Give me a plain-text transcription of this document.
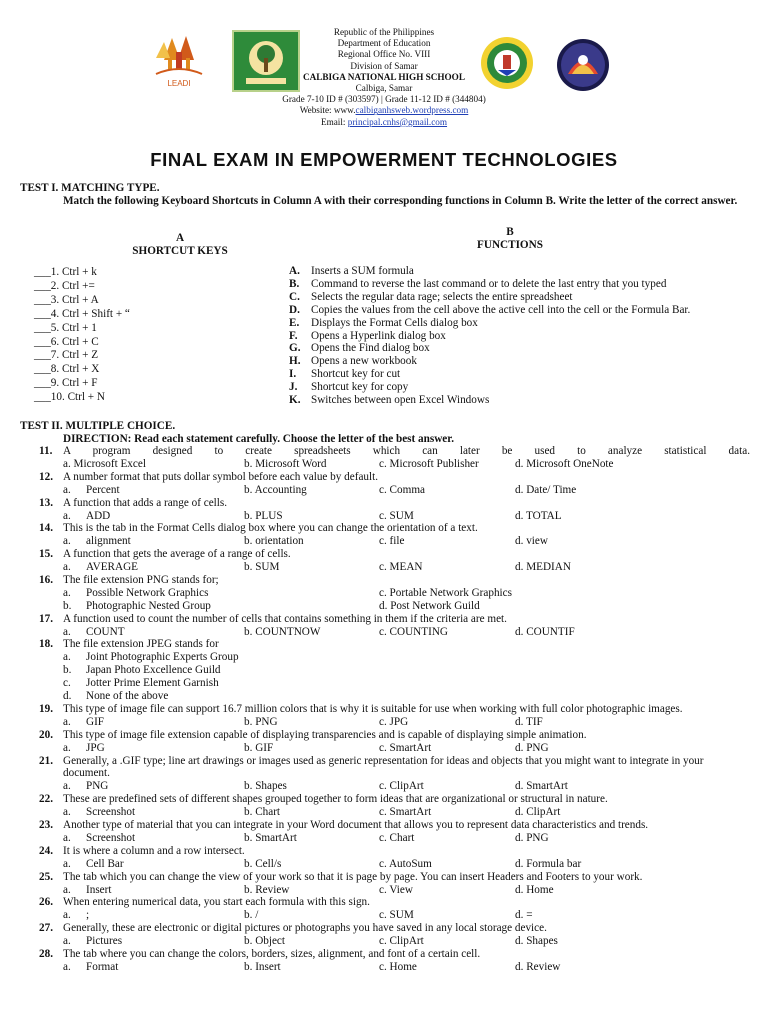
LEADI
Republic of the Philippines
Department of Education
Regional Office No. VIII
Division of Samar
CALBIGA NATIONAL HIGH SCHOOL
Calbiga, Samar
Grade 7-10 ID # (303597) | Grade 11-12 ID # (344804)
Website: www.calbiganhsweb.wordpress.com
Email: principal.cnhs@gmail.com
FINAL EXAM IN EMPOWERMENT TECHNOLOGIES
TEST I. MATCHING TYPE.
Match the following Keyboard Shortcuts in Column A with their corresponding functions in Column B. Write the letter of the correct answer.
A
SHORTCUT KEYS
B
FUNCTIONS
___1. Ctrl + k
___2. Ctrl +=
___3. Ctrl + A
___4. Ctrl + Shift + “
___5. Ctrl + 1
___6. Ctrl + C
___7. Ctrl + Z
___8. Ctrl + X
___9. Ctrl + F
___10. Ctrl + N
A. Inserts a SUM formula
B. Command to reverse the last command or to delete the last entry that you typed
C. Selects the regular data rage; selects the entire spreadsheet
D. Copies the values from the cell above the active cell into the cell or the Formula Bar.
E. Displays the Format Cells dialog box
F. Opens a Hyperlink dialog box
G. Opens the Find dialog box
H. Opens a new workbook
I. Shortcut key for cut
J. Shortcut key for copy
K. Switches between open Excel Windows
TEST II. MULTIPLE CHOICE.
DIRECTION: Read each statement carefully. Choose the letter of the best answer.
11. A program designed to create spreadsheets which can later be used to analyze statistical data.
a. Microsoft Excel	b. Microsoft Word	c. Microsoft Publisher	d. Microsoft OneNote
12. A number format that puts dollar symbol before each value by default.
a. Percent	b. Accounting	c. Comma	d. Date/ Time
13. A function that adds a range of cells.
a. ADD	b. PLUS	c. SUM	d. TOTAL
14. This is the tab in the Format Cells dialog box where you can change the orientation of a text.
a. alignment	b. orientation	c. file	d. view
15. A function that gets the average of a range of cells.
a. AVERAGE	b. SUM	c. MEAN	d. MEDIAN
16. The file extension PNG stands for;
a. Possible Network Graphics	c. Portable Network Graphics
b. Photographic Nested Group	d. Post Network Guild
17. A function used to count the number of cells that contains something in them if the criteria are met.
a. COUNT	b. COUNTNOW	c. COUNTING	d. COUNTIF
18. The file extension JPEG stands for
a. Joint Photographic Experts Group
b. Japan Photo Excellence Guild
c. Jotter Prime Element Garnish
d. None of the above
19. This type of image file can support 16.7 million colors that is why it is suitable for use when working with full color photographic images.
a. GIF	b. PNG	c. JPG	d. TIF
20. This type of image file extension capable of displaying transparencies and is capable of displaying simple animation.
a. JPG	b. GIF	c. SmartArt	d. PNG
21. Generally, a .GIF type; line art drawings or images used as generic representation for ideas and objects that you might want to integrate in your document.
a. PNG	b. Shapes	c. ClipArt	d. SmartArt
22. These are predefined sets of different shapes grouped together to form ideas that are organizational or structural in nature.
a. Screenshot	b. Chart	c. SmartArt	d. ClipArt
23. Another type of material that you can integrate in your Word document that allows you to represent data characteristics and trends.
a. Screenshot	b. SmartArt	c. Chart	d. PNG
24. It is where a column and a row intersect.
a. Cell Bar	b. Cell/s	c. AutoSum	d. Formula bar
25. The tab which you can change the view of your work so that it is page by page. You can insert Headers and Footers to your work.
a. Insert	b. Review	c. View	d. Home
26. When entering numerical data, you start each formula with this sign.
a. ;	b. /	c. SUM	d. =
27. Generally, these are electronic or digital pictures or photographs you have saved in any local storage device.
a. Pictures	b. Object	c. ClipArt	d. Shapes
28. The tab where you can change the colors, borders, sizes, alignment, and font of a certain cell.
a. Format	b. Insert	c. Home	d. Review
